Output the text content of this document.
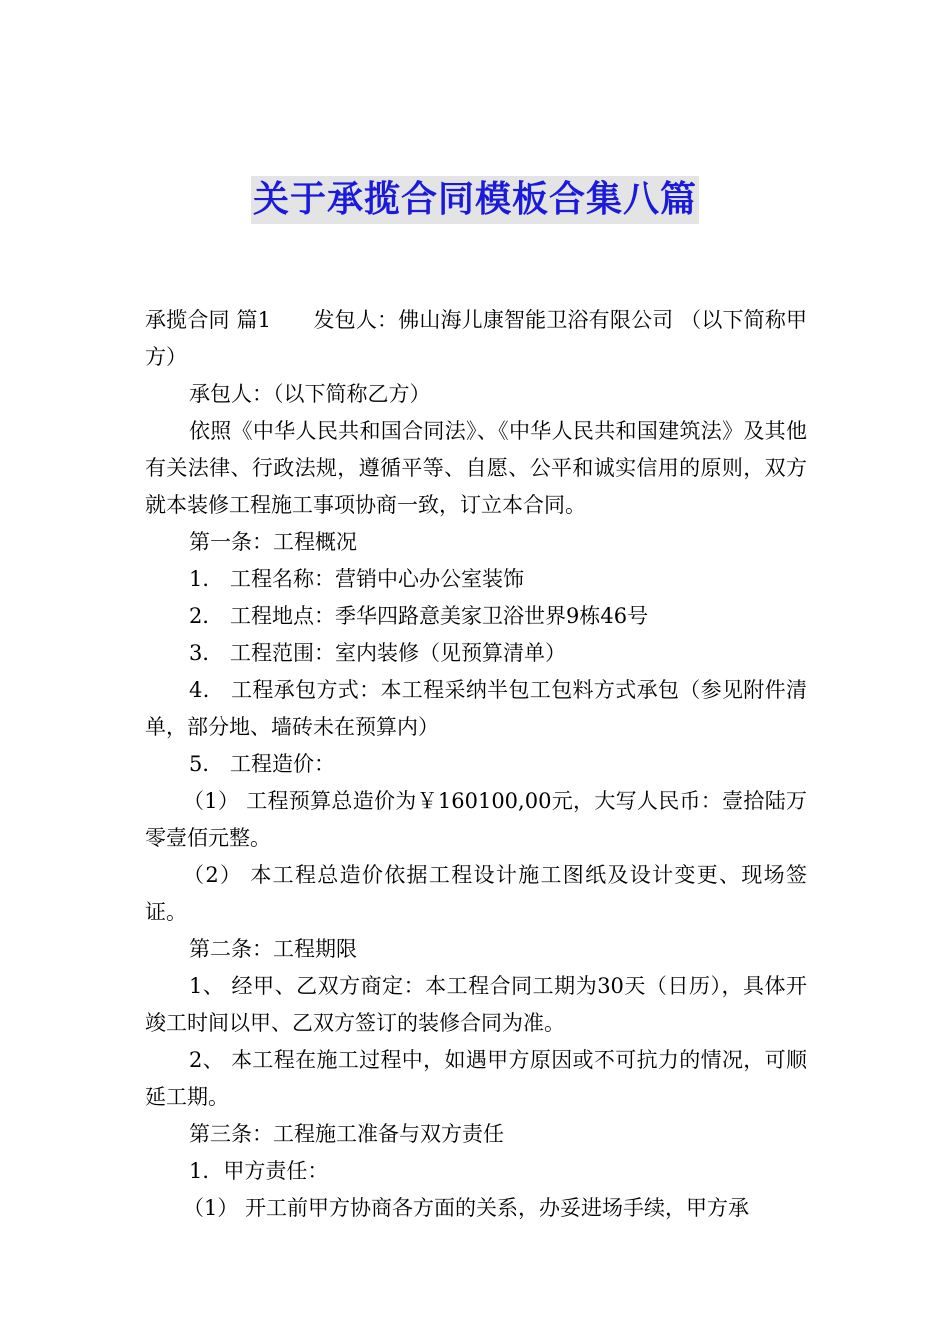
关于承揽合同模板合集八篇

承揽合同 篇1　　发包人：佛山海儿康智能卫浴有限公司 （以下简称甲方）

承包人：（以下简称乙方）

依照《中华人民共和国合同法》、《中华人民共和国建筑法》及其他有关法律、行政法规，遵循平等、自愿、公平和诚实信用的原则，双方就本装修工程施工事项协商一致，订立本合同。

第一条：工程概况

1． 工程名称：营销中心办公室装饰

2． 工程地点：季华四路意美家卫浴世界9栋46号

3． 工程范围：室内装修（见预算清单）

4． 工程承包方式：本工程采纳半包工包料方式承包（参见附件清单，部分地、墙砖未在预算内）

5． 工程造价：

（1） 工程预算总造价为￥160100,00元，大写人民币：壹拾陆万零壹佰元整。

（2） 本工程总造价依据工程设计施工图纸及设计变更、现场签证。

第二条：工程期限

1、 经甲、乙双方商定：本工程合同工期为30天（日历），具体开竣工时间以甲、乙双方签订的装修合同为准。

2、 本工程在施工过程中，如遇甲方原因或不可抗力的情况，可顺延工期。

第三条：工程施工准备与双方责任

1．甲方责任：

（1） 开工前甲方协商各方面的关系，办妥进场手续，甲方承
